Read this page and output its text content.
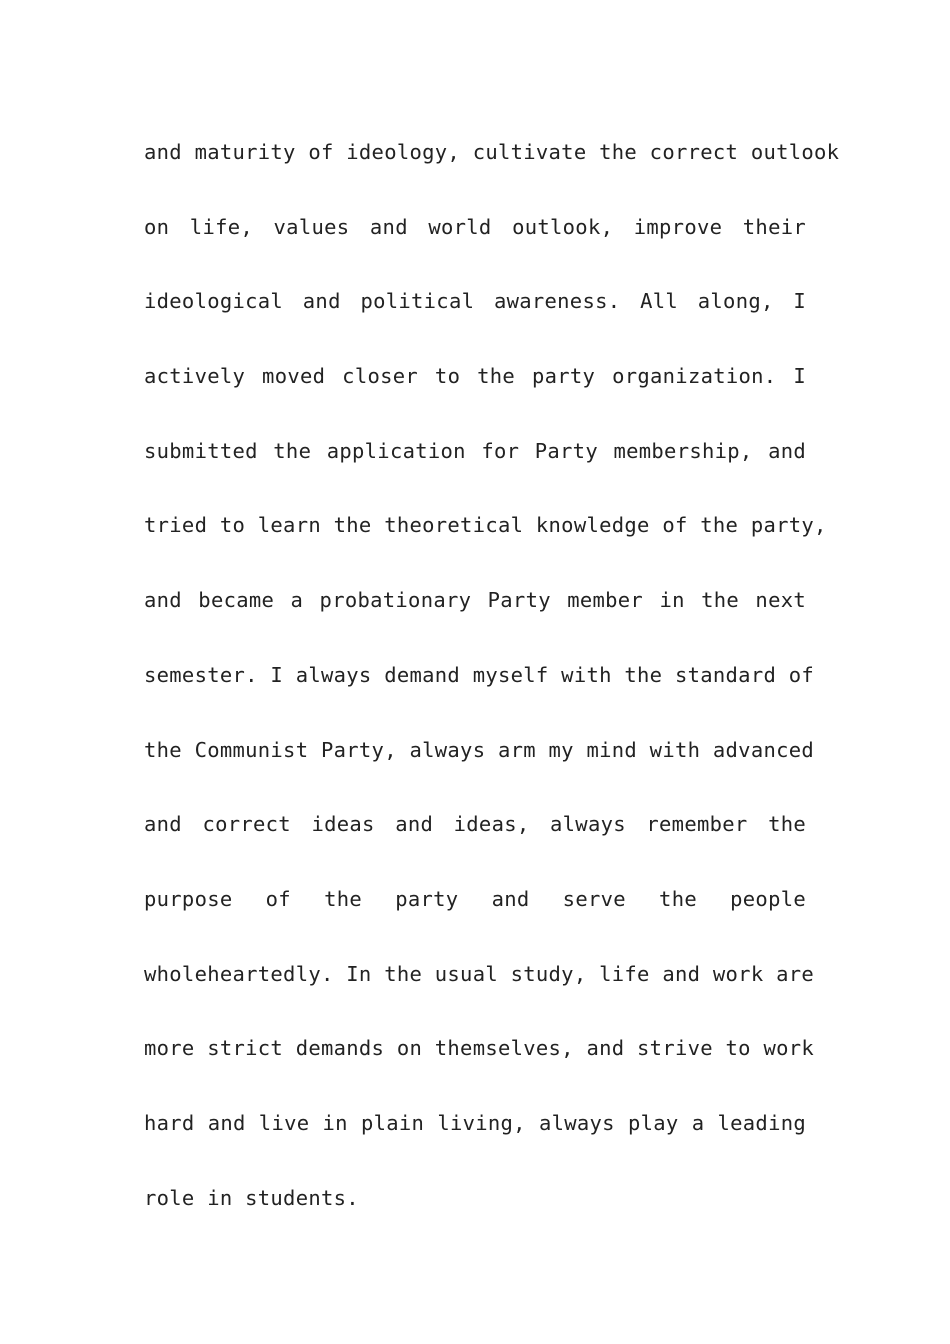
and maturity of ideology, cultivate the correct outlook
on life, values and world outlook, improve their
ideological and political awareness. All along, I
actively moved closer to the party organization. I
submitted the application for Party membership, and
tried to learn the theoretical knowledge of the party,
and became a probationary Party member in the next
semester. I always demand myself with the standard of
the Communist Party, always arm my mind with advanced
and correct ideas and ideas, always remember the
purpose of the party and serve the people
wholeheartedly. In the usual study, life and work are
more strict demands on themselves, and strive to work
hard and live in plain living, always play a leading
role in students.
